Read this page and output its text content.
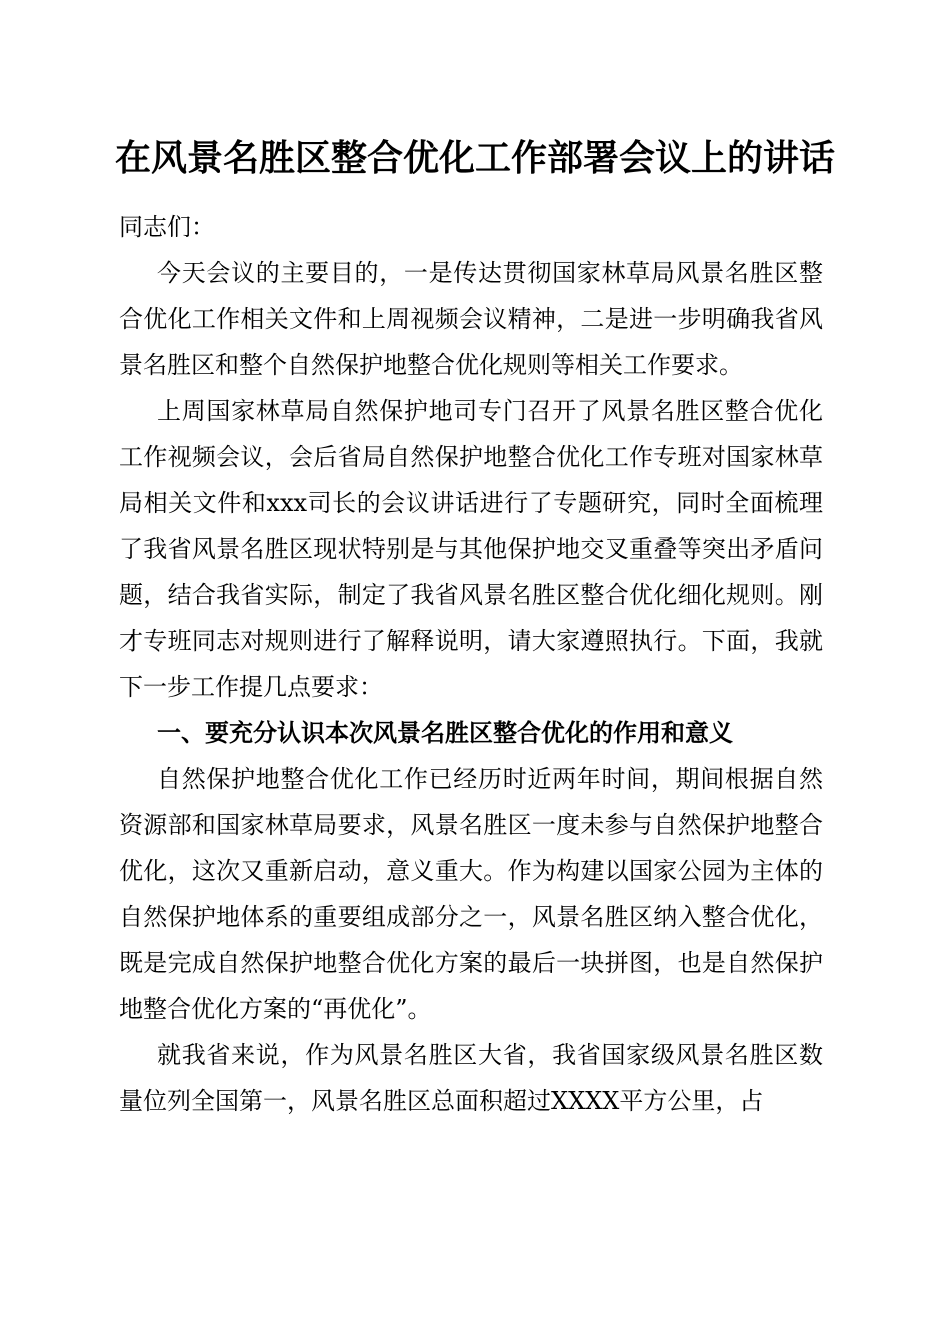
在风景名胜区整合优化工作部署会议上的讲话

同志们：

今天会议的主要目的，一是传达贯彻国家林草局风景名胜区整合优化工作相关文件和上周视频会议精神，二是进一步明确我省风景名胜区和整个自然保护地整合优化规则等相关工作要求。

上周国家林草局自然保护地司专门召开了风景名胜区整合优化工作视频会议，会后省局自然保护地整合优化工作专班对国家林草局相关文件和xxx司长的会议讲话进行了专题研究，同时全面梳理了我省风景名胜区现状特别是与其他保护地交叉重叠等突出矛盾问题，结合我省实际，制定了我省风景名胜区整合优化细化规则。刚才专班同志对规则进行了解释说明，请大家遵照执行。下面，我就下一步工作提几点要求：

一、要充分认识本次风景名胜区整合优化的作用和意义

自然保护地整合优化工作已经历时近两年时间，期间根据自然资源部和国家林草局要求，风景名胜区一度未参与自然保护地整合优化，这次又重新启动，意义重大。作为构建以国家公园为主体的自然保护地体系的重要组成部分之一，风景名胜区纳入整合优化，既是完成自然保护地整合优化方案的最后一块拼图，也是自然保护地整合优化方案的“再优化”。

就我省来说，作为风景名胜区大省，我省国家级风景名胜区数量位列全国第一，风景名胜区总面积超过XXXX平方公里，占
